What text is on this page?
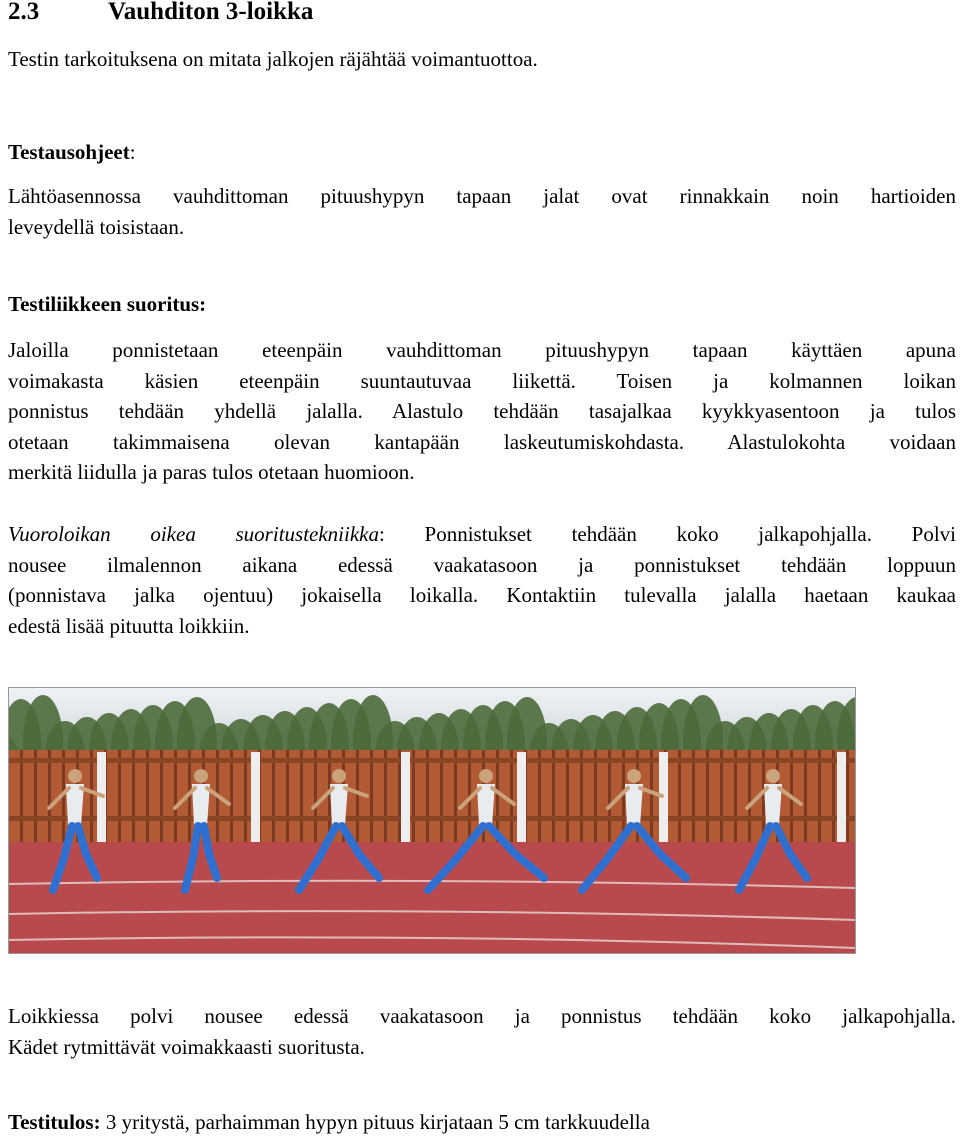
2.3	Vauhditon 3-loikka

Testin tarkoituksena on mitata jalkojen räjähtää voimantuottoa.

Testausohjeet:

Lähtöasennossa vauhdittoman pituushypyn tapaan jalat ovat rinnakkain noin hartioiden
leveydellä toisistaan.

Testiliikkeen suoritus:

Jaloilla ponnistetaan eteenpäin vauhdittoman pituushypyn tapaan käyttäen apuna
voimakasta käsien eteenpäin suuntautuvaa liikettä. Toisen ja kolmannen loikan
ponnistus tehdään yhdellä jalalla. Alastulo tehdään tasajalkaa kyykkyasentoon ja tulos
otetaan takimmaisena olevan kantapään laskeutumiskohdasta. Alastulokohta voidaan
merkitä liidulla ja paras tulos otetaan huomioon.

Vuoroloikan oikea suoritustekniikka: Ponnistukset tehdään koko jalkapohjalla. Polvi
nousee ilmalennon aikana edessä vaakatasoon ja ponnistukset tehdään loppuun
(ponnistava jalka ojentuu) jokaisella loikalla. Kontaktiin tulevalla jalalla haetaan kaukaa
edestä lisää pituutta loikkiin.

Loikkiessa polvi nousee edessä vaakatasoon ja ponnistus tehdään koko jalkapohjalla.
Kädet rytmittävät voimakkaasti suoritusta.

Testitulos: 3 yritystä, parhaimman hypyn pituus kirjataan 5 cm tarkkuudella
